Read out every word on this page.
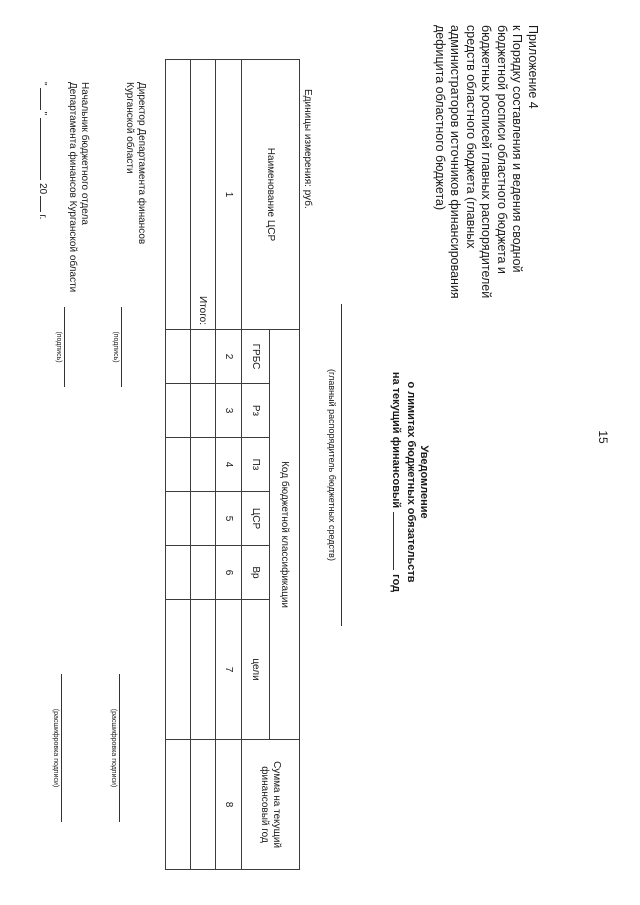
15
Приложение 4
к Порядку составления и ведения сводной
бюджетной росписи областного бюджета и
бюджетных росписей главных распорядителей
средств областного бюджета (главных
администраторов источников финансирования
дефицита областного бюджета)
Уведомление
о лимитах бюджетных обязательств
на текущий финансовыйгод
(главный распорядитель бюджетных средств)
Единицы измерения: руб.
Наименование ЦСР	Код бюджетной классификации						Сумма на текущий
финансовый год

	ГРБС	Рз	Пз	ЦСР	Вр	цели	
1	2	3	4	5	6	7	8
Итого:							

Директор Департамента финансов
Курганской области
(подпись)
(расшифровка подписи)
Начальник бюджетного отдела
Департамента финансов Курганской области
(подпись)
(расшифровка подписи)
""20г.
